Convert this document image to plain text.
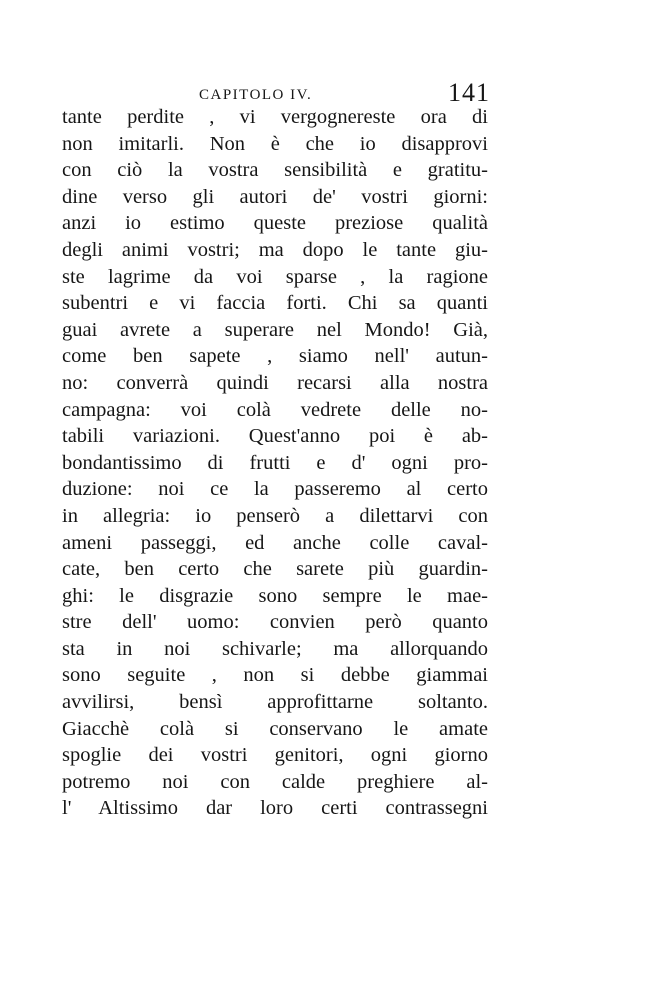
CAPITOLO IV.	141
tante perdite , vi vergognereste ora di
non imitarli. Non è che io disapprovi
con ciò la vostra sensibilità e gratitu-
dine verso gli autori de' vostri giorni:
anzi io estimo queste preziose qualità
degli animi vostri; ma dopo le tante giu-
ste lagrime da voi sparse , la ragione
subentri e vi faccia forti. Chi sa quanti
guai avrete a superare nel Mondo! Già,
come ben sapete , siamo nell' autun-
no: converrà quindi recarsi alla nostra
campagna: voi colà vedrete delle no-
tabili variazioni. Quest'anno poi è ab-
bondantissimo di frutti e d' ogni pro-
duzione: noi ce la passeremo al certo
in allegria: io penserò a dilettarvi con
ameni passeggi, ed anche colle caval-
cate, ben certo che sarete più guardin-
ghi: le disgrazie sono sempre le mae-
stre dell' uomo: convien però quanto
sta in noi schivarle; ma allorquando
sono seguite , non si debbe giammai
avvilirsi, bensì approfittarne soltanto.
Giacchè colà si conservano le amate
spoglie dei vostri genitori, ogni giorno
potremo noi con calde preghiere al-
l' Altissimo dar loro certi contrassegni
